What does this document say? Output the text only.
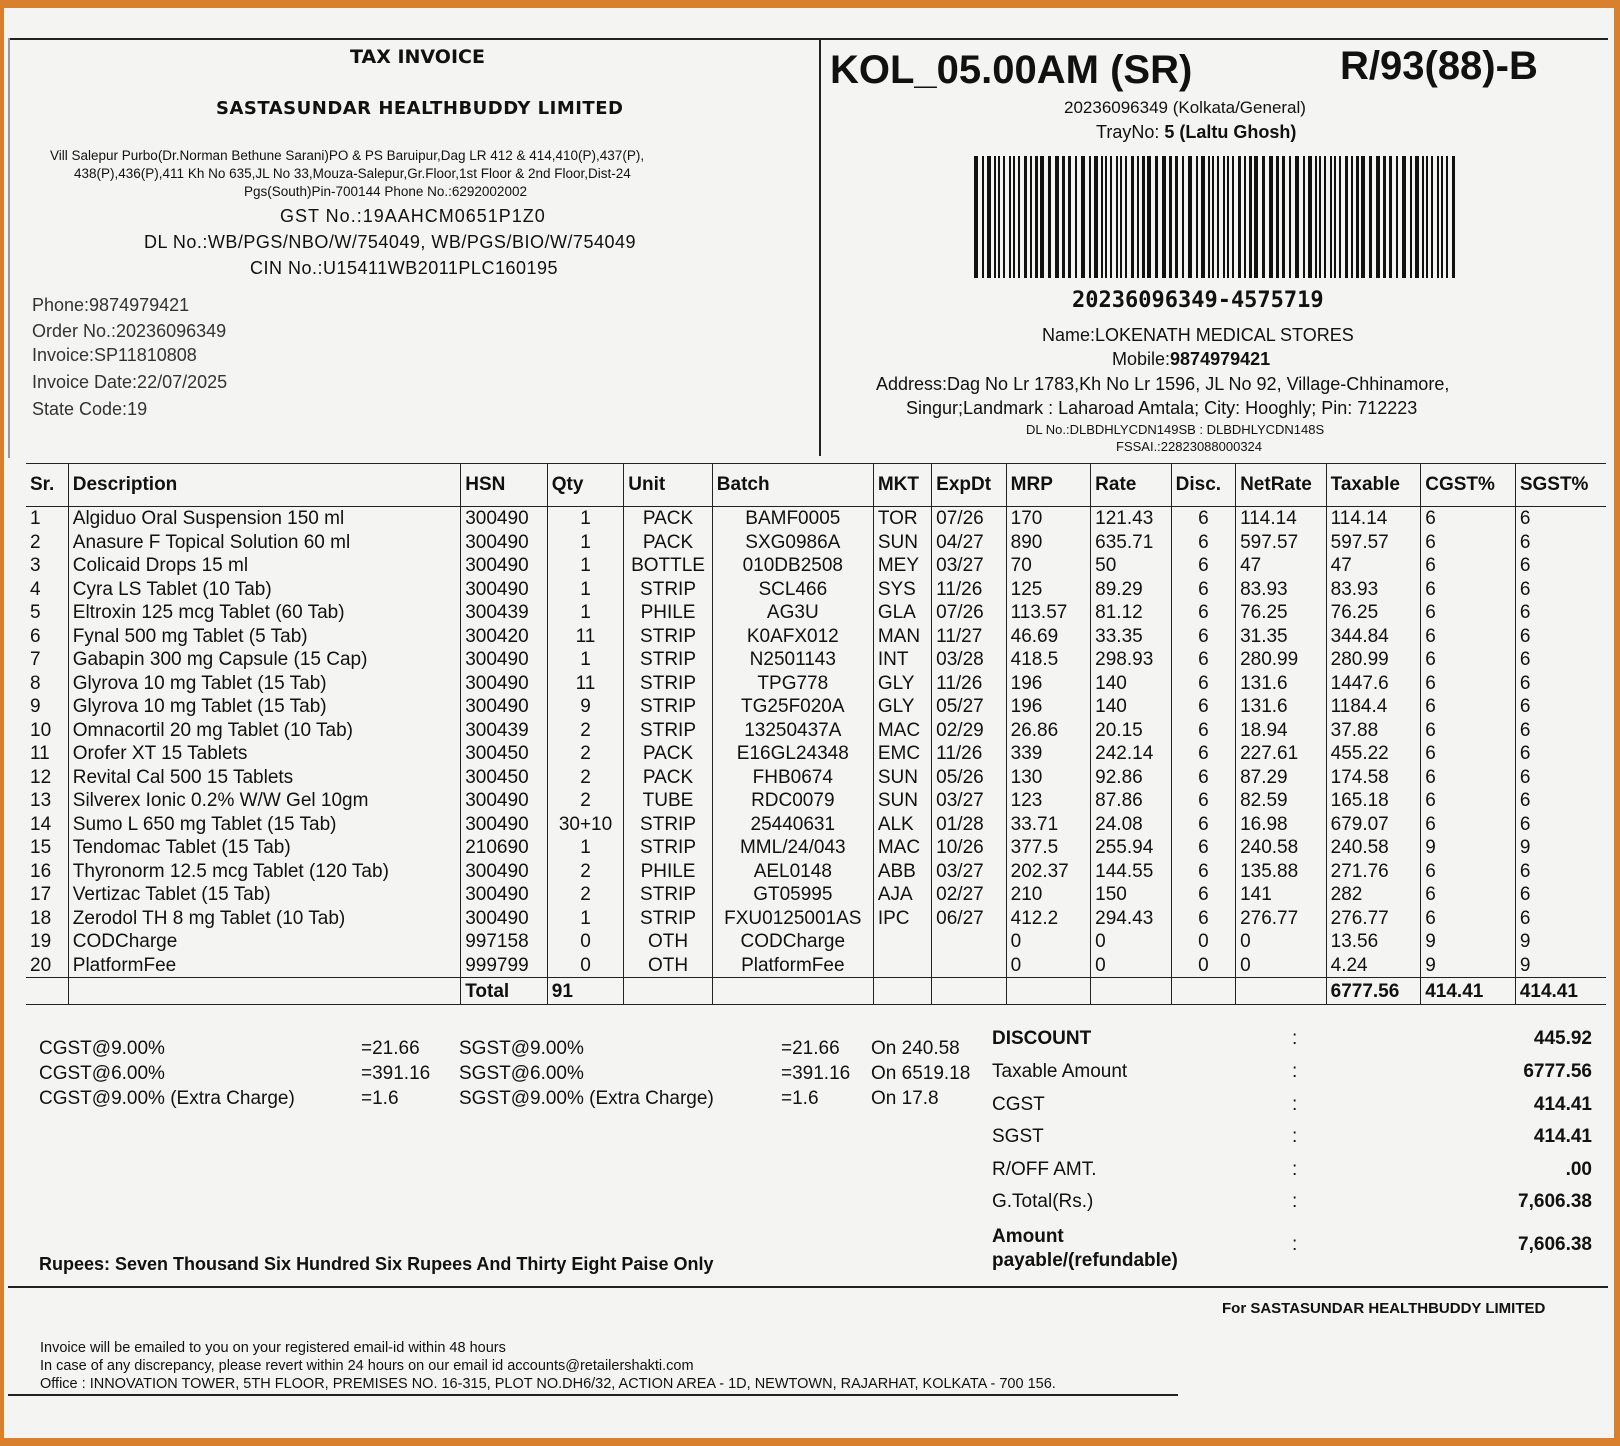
TAX INVOICE
SASTASUNDAR HEALTHBUDDY LIMITED
Vill Salepur Purbo(Dr.Norman Bethune Sarani)PO & PS Baruipur,Dag LR 412 & 414,410(P),437(P),
438(P),436(P),411 Kh No 635,JL No 33,Mouza-Salepur,Gr.Floor,1st Floor & 2nd Floor,Dist-24
Pgs(South)Pin-700144 Phone No.:6292002002
GST No.:19AAHCM0651P1Z0
DL No.:WB/PGS/NBO/W/754049, WB/PGS/BIO/W/754049
CIN No.:U15411WB2011PLC160195
Phone:9874979421
Order No.:20236096349
Invoice:SP11810808
Invoice Date:22/07/2025
State Code:19
KOL_05.00AM (SR)	R/93(88)-B
20236096349 (Kolkata/General)
TrayNo: 5 (Laltu Ghosh)
20236096349-4575719
Name:LOKENATH MEDICAL STORES
Mobile:9874979421
Address:Dag No Lr 1783,Kh No Lr 1596, JL No 92, Village-Chhinamore,
Singur;Landmark : Laharoad Amtala; City: Hooghly; Pin: 712223
DL No.:DLBDHLYCDN149SB : DLBDHLYCDN148S
FSSAI.:22823088000324
Sr.	Description	HSN	Qty	Unit	Batch	MKT	ExpDt	MRP	Rate	Disc.	NetRate	Taxable	CGST%	SGST%
1	Algiduo Oral Suspension 150 ml	300490	1	PACK	BAMF0005	TOR	07/26	170	121.43	6	114.14	114.14	6	6
2	Anasure F Topical Solution 60 ml	300490	1	PACK	SXG0986A	SUN	04/27	890	635.71	6	597.57	597.57	6	6
3	Colicaid Drops 15 ml	300490	1	BOTTLE	010DB2508	MEY	03/27	70	50	6	47	47	6	6
4	Cyra LS Tablet (10 Tab)	300490	1	STRIP	SCL466	SYS	11/26	125	89.29	6	83.93	83.93	6	6
5	Eltroxin 125 mcg Tablet (60 Tab)	300439	1	PHILE	AG3U	GLA	07/26	113.57	81.12	6	76.25	76.25	6	6
6	Fynal 500 mg Tablet (5 Tab)	300420	11	STRIP	K0AFX012	MAN	11/27	46.69	33.35	6	31.35	344.84	6	6
7	Gabapin 300 mg Capsule (15 Cap)	300490	1	STRIP	N2501143	INT	03/28	418.5	298.93	6	280.99	280.99	6	6
8	Glyrova 10 mg Tablet (15 Tab)	300490	11	STRIP	TPG778	GLY	11/26	196	140	6	131.6	1447.6	6	6
9	Glyrova 10 mg Tablet (15 Tab)	300490	9	STRIP	TG25F020A	GLY	05/27	196	140	6	131.6	1184.4	6	6
10	Omnacortil 20 mg Tablet (10 Tab)	300439	2	STRIP	13250437A	MAC	02/29	26.86	20.15	6	18.94	37.88	6	6
11	Orofer XT 15 Tablets	300450	2	PACK	E16GL24348	EMC	11/26	339	242.14	6	227.61	455.22	6	6
12	Revital Cal 500 15 Tablets	300450	2	PACK	FHB0674	SUN	05/26	130	92.86	6	87.29	174.58	6	6
13	Silverex Ionic 0.2% W/W Gel 10gm	300490	2	TUBE	RDC0079	SUN	03/27	123	87.86	6	82.59	165.18	6	6
14	Sumo L 650 mg Tablet (15 Tab)	300490	30+10	STRIP	25440631	ALK	01/28	33.71	24.08	6	16.98	679.07	6	6
15	Tendomac Tablet (15 Tab)	210690	1	STRIP	MML/24/043	MAC	10/26	377.5	255.94	6	240.58	240.58	9	9
16	Thyronorm 12.5 mcg Tablet (120 Tab)	300490	2	PHILE	AEL0148	ABB	03/27	202.37	144.55	6	135.88	271.76	6	6
17	Vertizac Tablet (15 Tab)	300490	2	STRIP	GT05995	AJA	02/27	210	150	6	141	282	6	6
18	Zerodol TH 8 mg Tablet (10 Tab)	300490	1	STRIP	FXU0125001AS	IPC	06/27	412.2	294.43	6	276.77	276.77	6	6
19	CODCharge	997158	0	OTH	CODCharge			0	0	0	0	13.56	9	9
20	PlatformFee	999799	0	OTH	PlatformFee			0	0	0	0	4.24	9	9
		Total	91									6777.56	414.41	414.41
CGST@9.00%	=21.66 SGST@9.00%	=21.66 On 240.58
CGST@6.00%	=391.16 SGST@6.00%	=391.16 On 6519.18
CGST@9.00% (Extra Charge)	=1.6	SGST@9.00% (Extra Charge)	=1.6	On 17.8
DISCOUNT	:	445.92
Taxable Amount	:	6777.56
CGST	:	414.41
SGST	:	414.41
R/OFF AMT.	:	.00
G.Total(Rs.)	:	7,606.38
Amount
payable/(refundable)
:	7,606.38
Rupees: Seven Thousand Six Hundred Six Rupees And Thirty Eight Paise Only
For SASTASUNDAR HEALTHBUDDY LIMITED
Invoice will be emailed to you on your registered email-id within 48 hours
In case of any discrepancy, please revert within 24 hours on our email id accounts@retailershakti.com
Office : INNOVATION TOWER, 5TH FLOOR, PREMISES NO. 16-315, PLOT NO.DH6/32, ACTION AREA - 1D, NEWTOWN, RAJARHAT, KOLKATA - 700 156.
